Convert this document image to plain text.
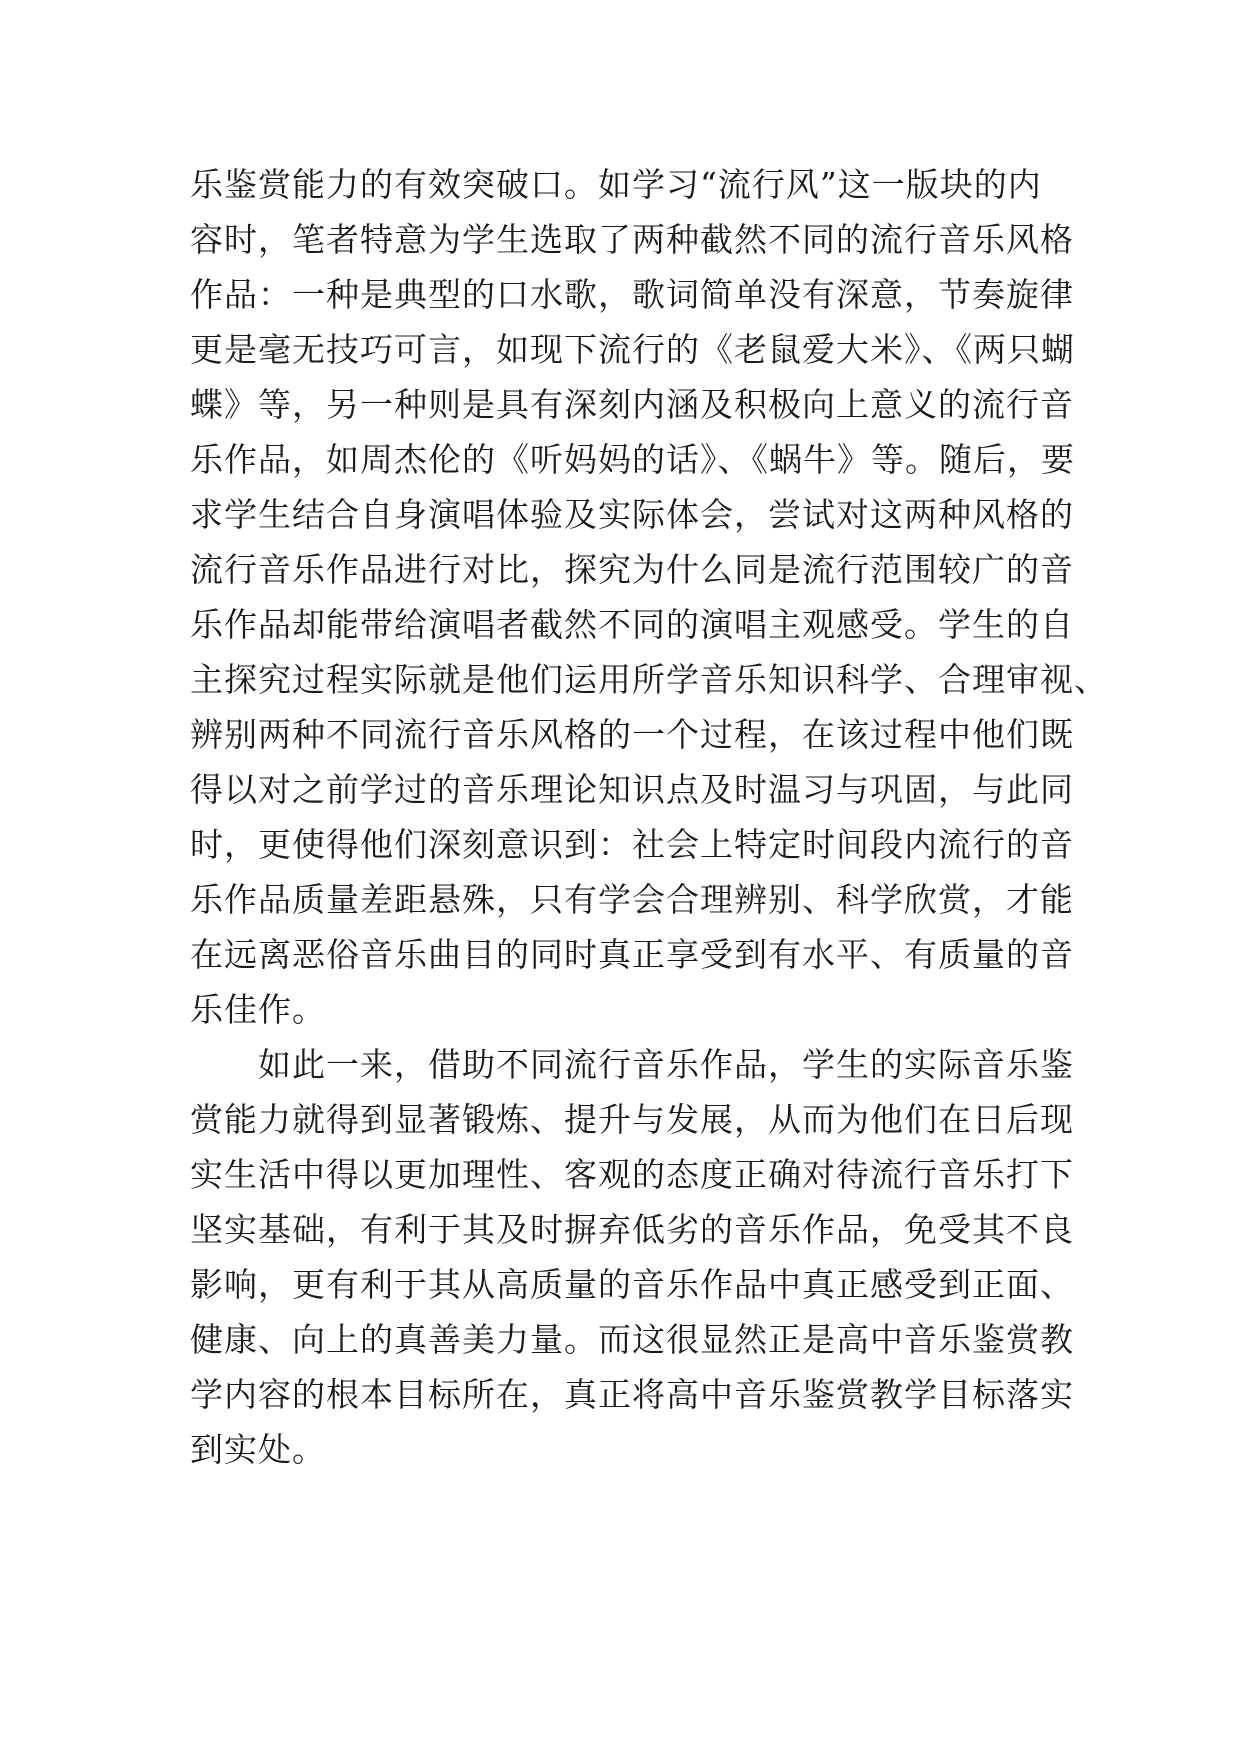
乐鉴赏能力的有效突破口。如学习“流行风”这一版块的内
容时，笔者特意为学生选取了两种截然不同的流行音乐风格
作品：一种是典型的口水歌，歌词简单没有深意，节奏旋律
更是毫无技巧可言，如现下流行的《老鼠爱大米》、《两只蝴
蝶》等，另一种则是具有深刻内涵及积极向上意义的流行音
乐作品，如周杰伦的《听妈妈的话》、《蜗牛》等。随后，要
求学生结合自身演唱体验及实际体会，尝试对这两种风格的
流行音乐作品进行对比，探究为什么同是流行范围较广的音
乐作品却能带给演唱者截然不同的演唱主观感受。学生的自
主探究过程实际就是他们运用所学音乐知识科学、合理审视、
辨别两种不同流行音乐风格的一个过程，在该过程中他们既
得以对之前学过的音乐理论知识点及时温习与巩固，与此同
时，更使得他们深刻意识到：社会上特定时间段内流行的音
乐作品质量差距悬殊，只有学会合理辨别、科学欣赏，才能
在远离恶俗音乐曲目的同时真正享受到有水平、有质量的音
乐佳作。
如此一来，借助不同流行音乐作品，学生的实际音乐鉴
赏能力就得到显著锻炼、提升与发展，从而为他们在日后现
实生活中得以更加理性、客观的态度正确对待流行音乐打下
坚实基础，有利于其及时摒弃低劣的音乐作品，免受其不良
影响，更有利于其从高质量的音乐作品中真正感受到正面、
健康、向上的真善美力量。而这很显然正是高中音乐鉴赏教
学内容的根本目标所在，真正将高中音乐鉴赏教学目标落实
到实处。
